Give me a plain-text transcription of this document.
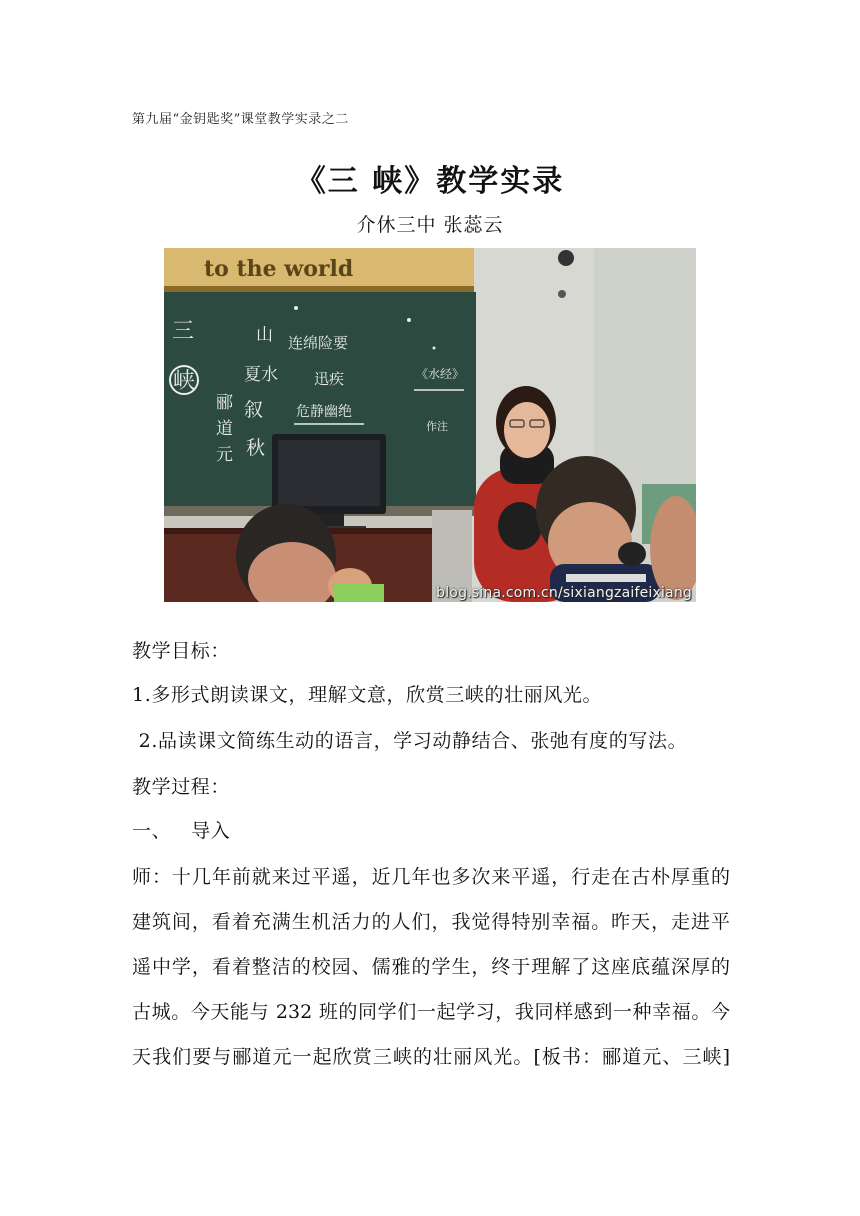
第九届“金钥匙奖”课堂教学实录之二
《三 峡》教学实录
介休三中 张蕊云
to the world
三
峡
郦
道
元
山
夏水
叙
秋
连绵险要
迅疾
危静幽绝
《水经》
作注
blog.sina.com.cn/sixiangzaifeixiang
教学目标：
1.多形式朗读课文，理解文意，欣赏三峡的壮丽风光。
2.品读课文简练生动的语言，学习动静结合、张弛有度的写法。
教学过程：
一、   导入
师：十几年前就来过平遥，近几年也多次来平遥，行走在古朴厚重的
建筑间，看着充满生机活力的人们，我觉得特别幸福。昨天，走进平
遥中学，看着整洁的校园、儒雅的学生，终于理解了这座底蕴深厚的
古城。今天能与 232 班的同学们一起学习，我同样感到一种幸福。今
天我们要与郦道元一起欣赏三峡的壮丽风光。[板书：郦道元、三峡]
